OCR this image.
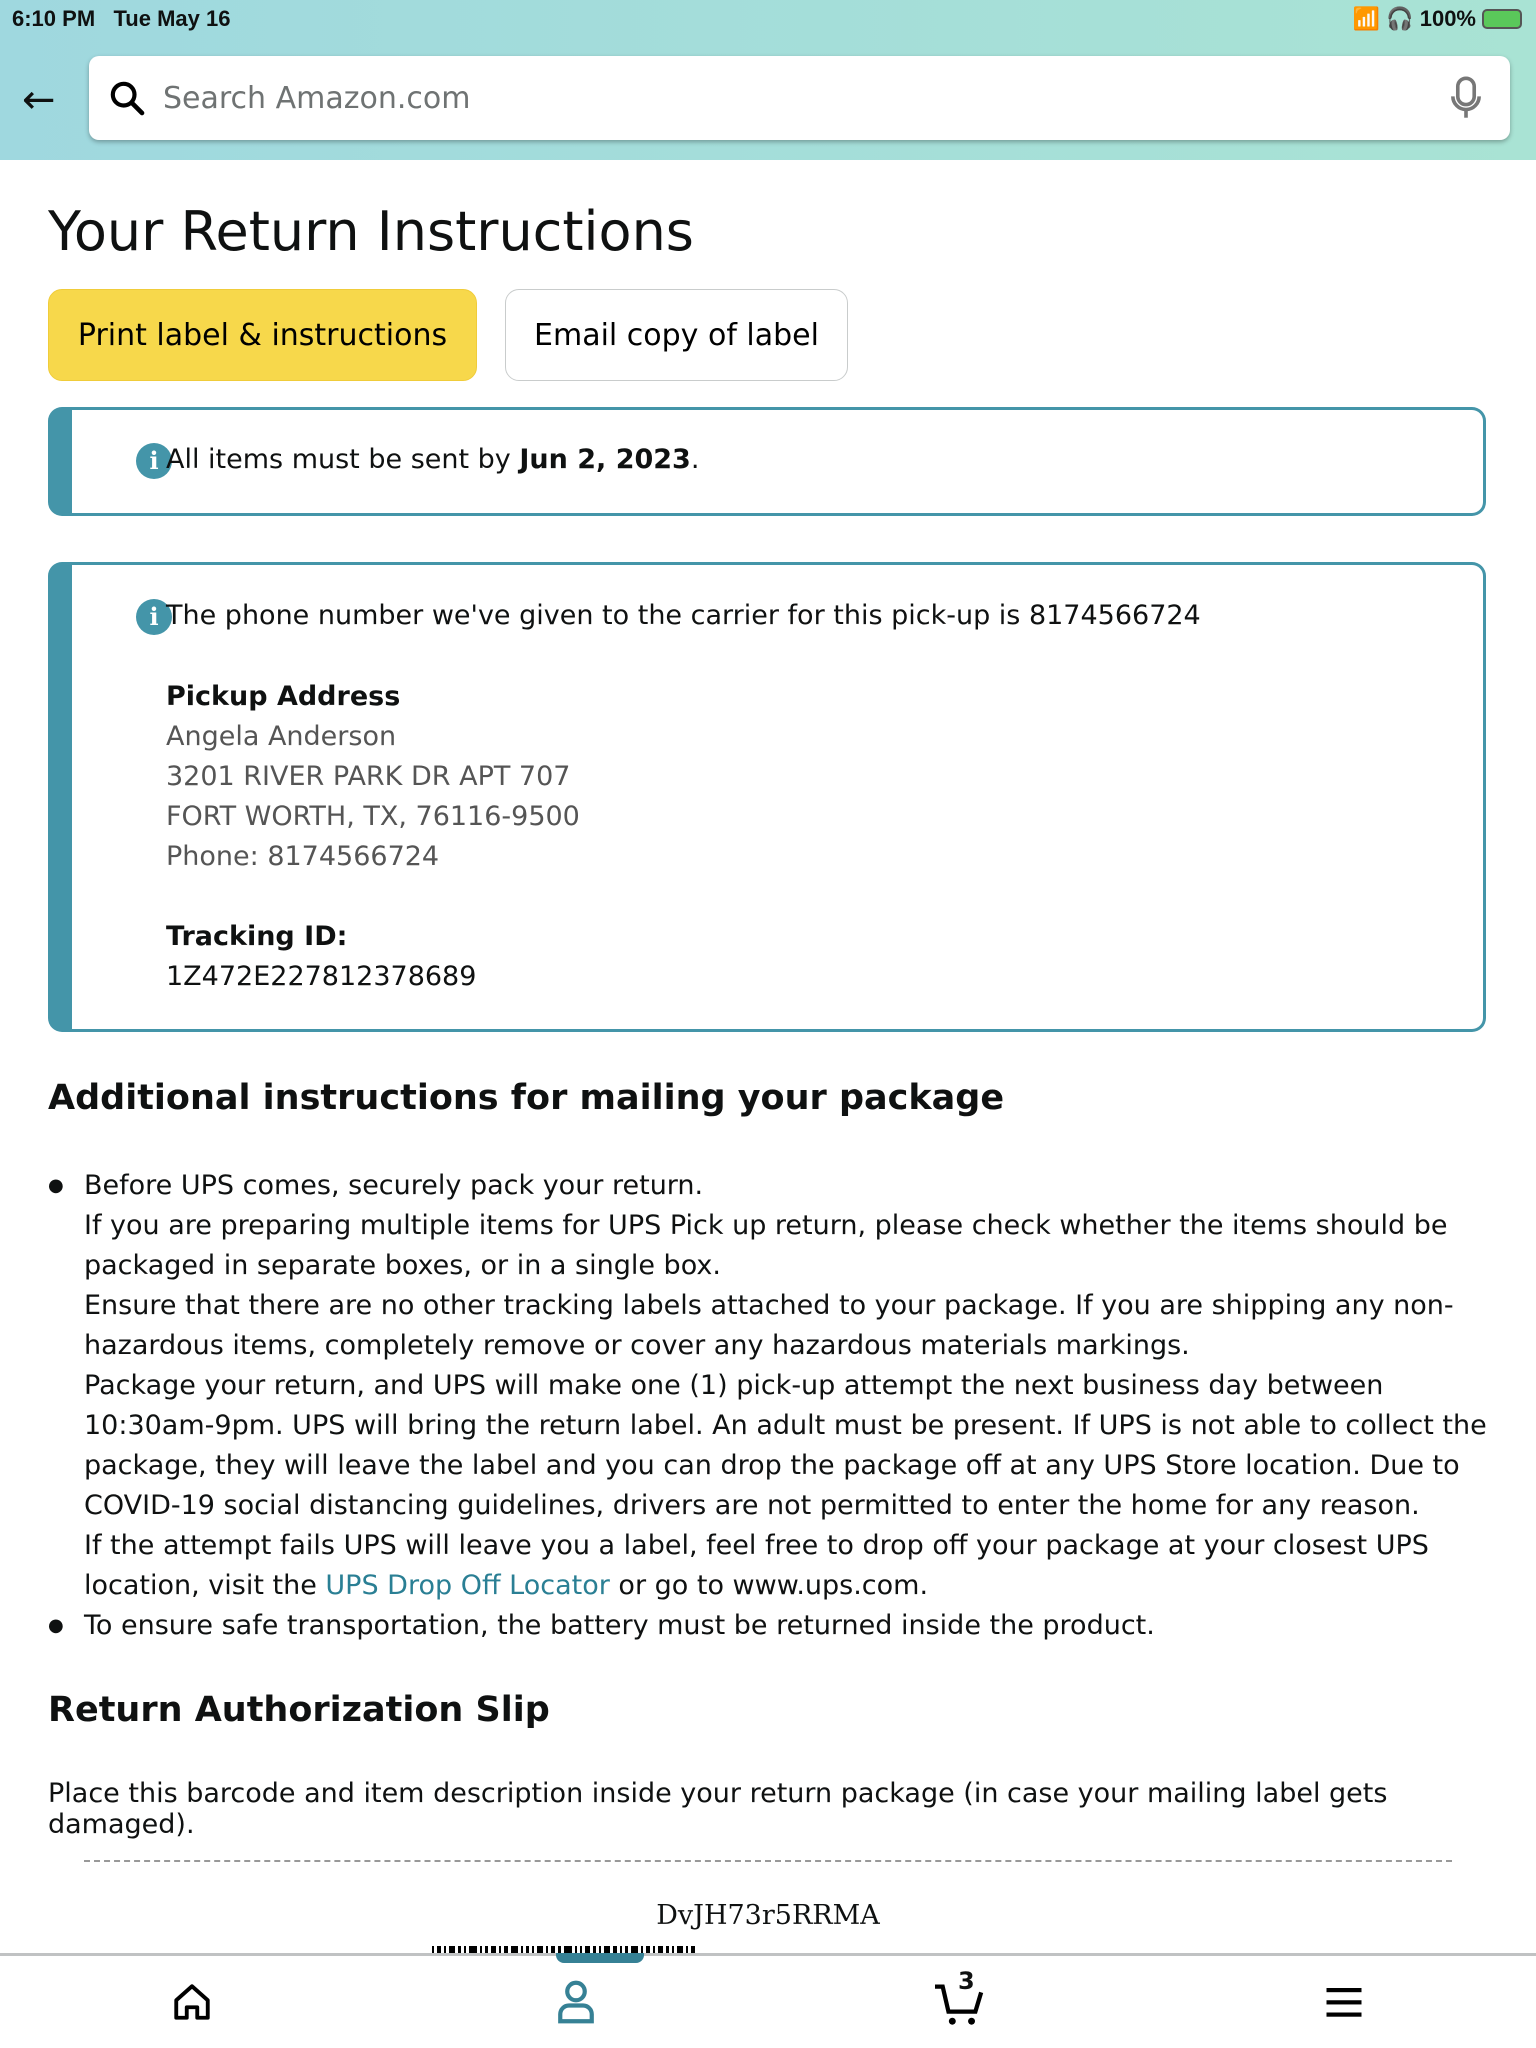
6:10 PM Tue May 16	📶 🎧 100%
←
Search Amazon.com
Your Return Instructions
Print label & instructions	Email copy of label
i All items must be sent by Jun 2, 2023.
i The phone number we've given to the carrier for this pick-up is 8174566724
Pickup Address
Angela Anderson
3201 RIVER PARK DR APT 707
FORT WORTH, TX, 76116-9500
Phone: 8174566724
Tracking ID:
1Z472E227812378689
Additional instructions for mailing your package
● Before UPS comes, securely pack your return.
If you are preparing multiple items for UPS Pick up return, please check whether the items should be packaged in separate boxes, or in a single box.
Ensure that there are no other tracking labels attached to your package. If you are shipping any non-hazardous items, completely remove or cover any hazardous materials markings.
Package your return, and UPS will make one (1) pick-up attempt the next business day between 10:30am-9pm. UPS will bring the return label. An adult must be present. If UPS is not able to collect the package, they will leave the label and you can drop the package off at any UPS Store location. Due to COVID-19 social distancing guidelines, drivers are not permitted to enter the home for any reason.
If the attempt fails UPS will leave you a label, feel free to drop off your package at your closest UPS location, visit the UPS Drop Off Locator or go to www.ups.com.
● To ensure safe transportation, the battery must be returned inside the product.
Return Authorization Slip

Place this barcode and item description inside your return package (in case your mailing label gets damaged).

DvJH73r5RRMA
3
